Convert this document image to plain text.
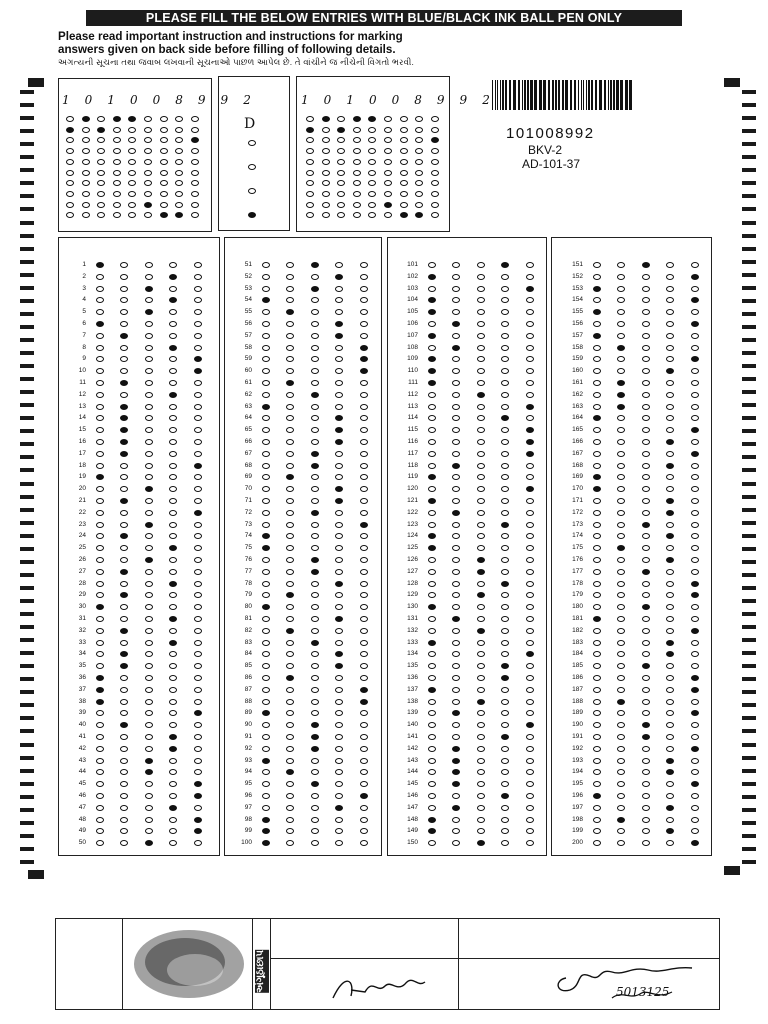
PLEASE FILL THE BELOW ENTRIES WITH BLUE/BLACK INK BALL PEN ONLY
Please read important instruction and instructions for marking
answers given on back side before filling of following details.
અગત્યની સૂચના તથા જવાબ લખવાની સૂચનાઓ પાછળ આપેલ છે. તે વાંચીને જ નીચેની વિગતો ભરવી.
101008992
BKV-2
AD-101-37
1 0 1 0 0 8 9 9 2
D
1 0 1 0 0 8 9 9 2
1
2
3
4
5
6
7
8
9
10
11
12
13
14
15
16
17
18
19
20
21
22
23
24
25
26
27
28
29
30
31
32
33
34
35
36
37
38
39
40
41
42
43
44
45
46
47
48
49
50
51
52
53
54
55
56
57
58
59
60
61
62
63
64
65
66
67
68
69
70
71
72
73
74
75
76
77
78
79
80
81
82
83
84
85
86
87
88
89
90
91
92
93
94
95
96
97
98
99
100
101
102
103
104
105
106
107
108
109
110
111
112
113
114
115
116
117
118
119
120
121
122
123
124
125
126
127
128
129
130
131
132
133
134
135
136
137
138
139
140
141
142
143
144
145
146
147
148
149
150
151
152
153
154
155
156
157
158
159
160
161
162
163
164
165
166
167
168
169
170
171
172
173
174
175
176
177
178
179
180
181
182
183
184
185
186
187
188
189
190
191
192
193
194
195
196
197
198
199
200
અંગૂઠાછાપ	5013125
